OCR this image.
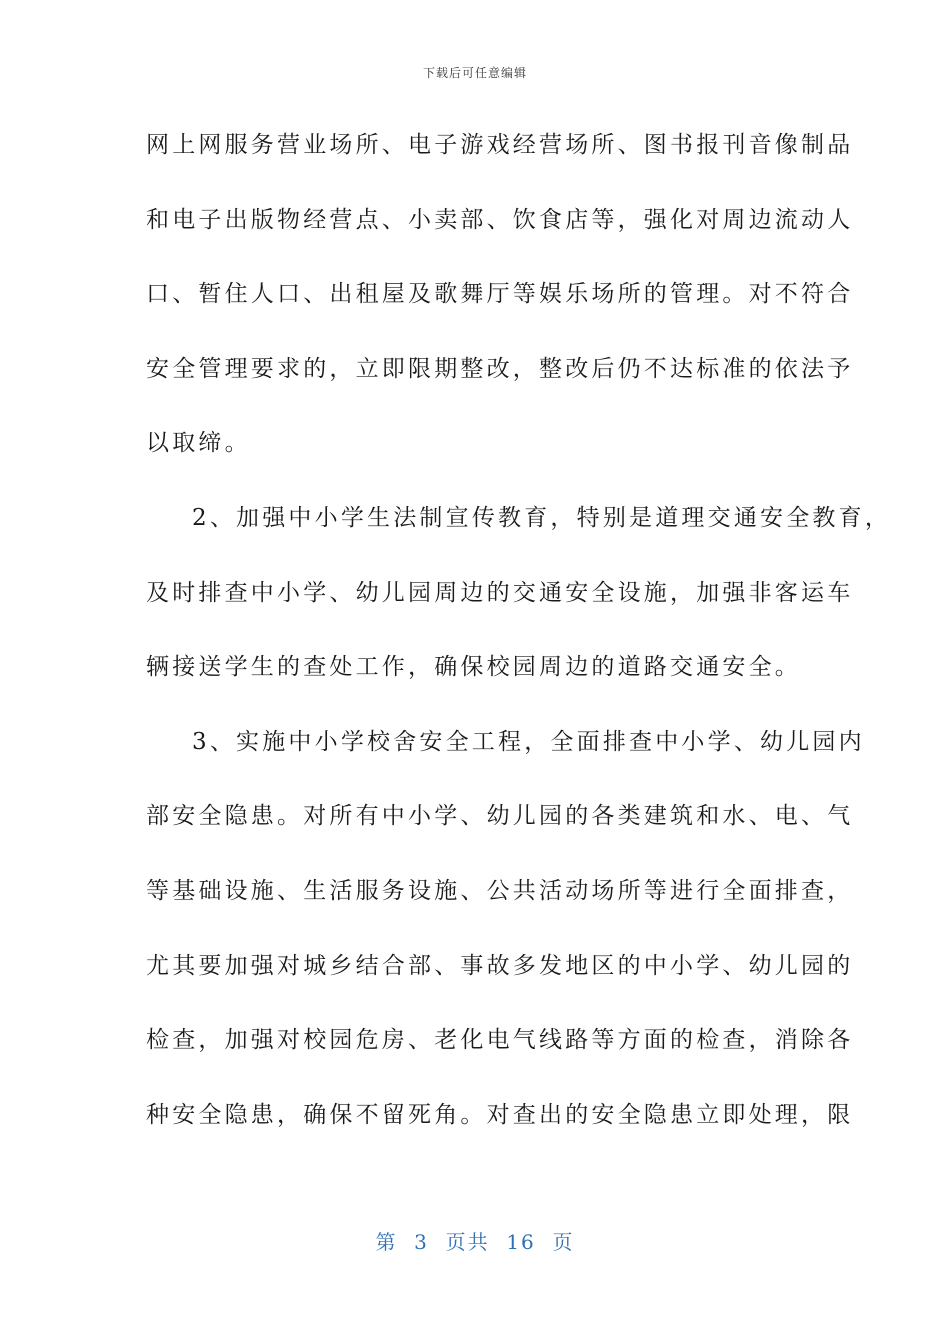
下载后可任意编辑
网上网服务营业场所、电子游戏经营场所、图书报刊音像制品
和电子出版物经营点、小卖部、饮食店等，强化对周边流动人
口、暂住人口、出租屋及歌舞厅等娱乐场所的管理。对不符合
安全管理要求的，立即限期整改，整改后仍不达标准的依法予
以取缔。
2、加强中小学生法制宣传教育，特别是道理交通安全教育，
及时排查中小学、幼儿园周边的交通安全设施，加强非客运车
辆接送学生的查处工作，确保校园周边的道路交通安全。
3、实施中小学校舍安全工程，全面排查中小学、幼儿园内
部安全隐患。对所有中小学、幼儿园的各类建筑和水、电、气
等基础设施、生活服务设施、公共活动场所等进行全面排查，
尤其要加强对城乡结合部、事故多发地区的中小学、幼儿园的
检查，加强对校园危房、老化电气线路等方面的检查，消除各
种安全隐患，确保不留死角。对查出的安全隐患立即处理，限
第  3  页共  16  页
